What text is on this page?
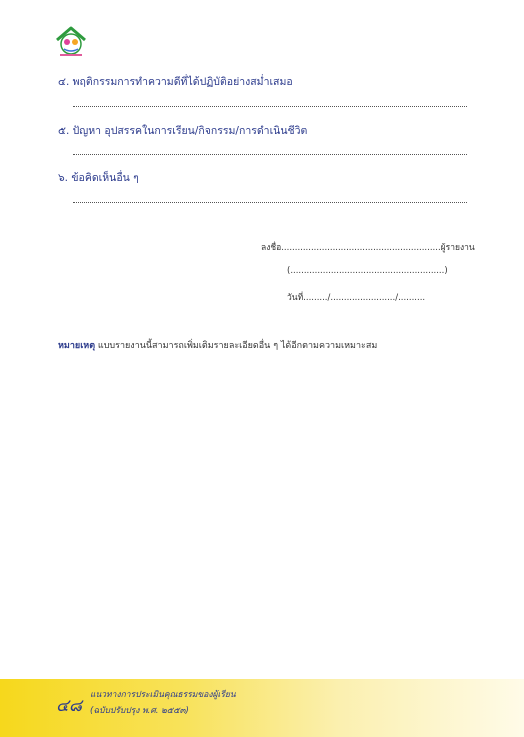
๔. พฤติกรรมการทำความดีที่ได้ปฏิบัติอย่างสม่ำเสมอ
๕. ปัญหา อุปสรรคในการเรียน/กิจกรรม/การดำเนินชีวิต
๖. ข้อคิดเห็นอื่น ๆ
ลงชื่อ...........................................................ผู้รายงาน
(.........................................................)
วันที่........./......................../..........
หมายเหตุ แบบรายงานนี้สามารถเพิ่มเติมรายละเอียดอื่น ๆ ได้อีกตามความเหมาะสม
๔๘
แนวทางการประเมินคุณธรรมของผู้เรียน
(ฉบับปรับปรุง พ.ศ. ๒๕๕๓)
